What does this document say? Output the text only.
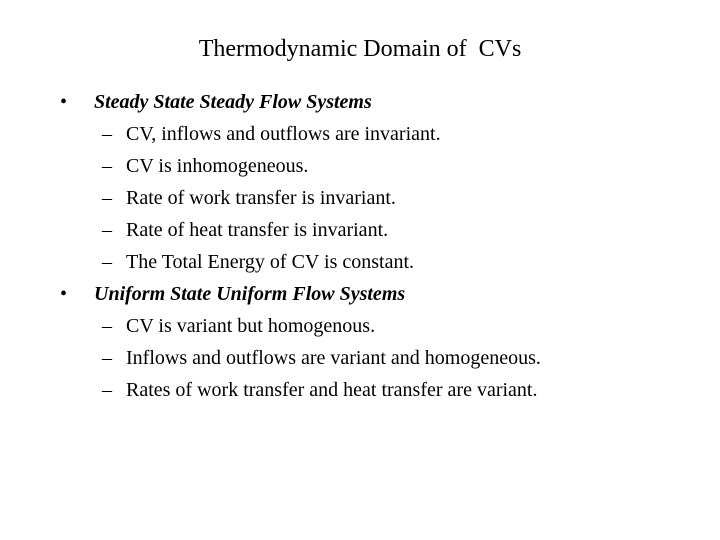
Thermodynamic Domain of  CVs
• Steady State Steady Flow Systems
– CV, inflows and outflows are invariant.
– CV is inhomogeneous.
– Rate of work transfer is invariant.
– Rate of heat transfer is invariant.
– The Total Energy of CV is constant.
• Uniform State Uniform Flow Systems
– CV is variant but homogenous.
– Inflows and outflows are variant and homogeneous.
– Rates of work transfer and heat transfer are variant.
